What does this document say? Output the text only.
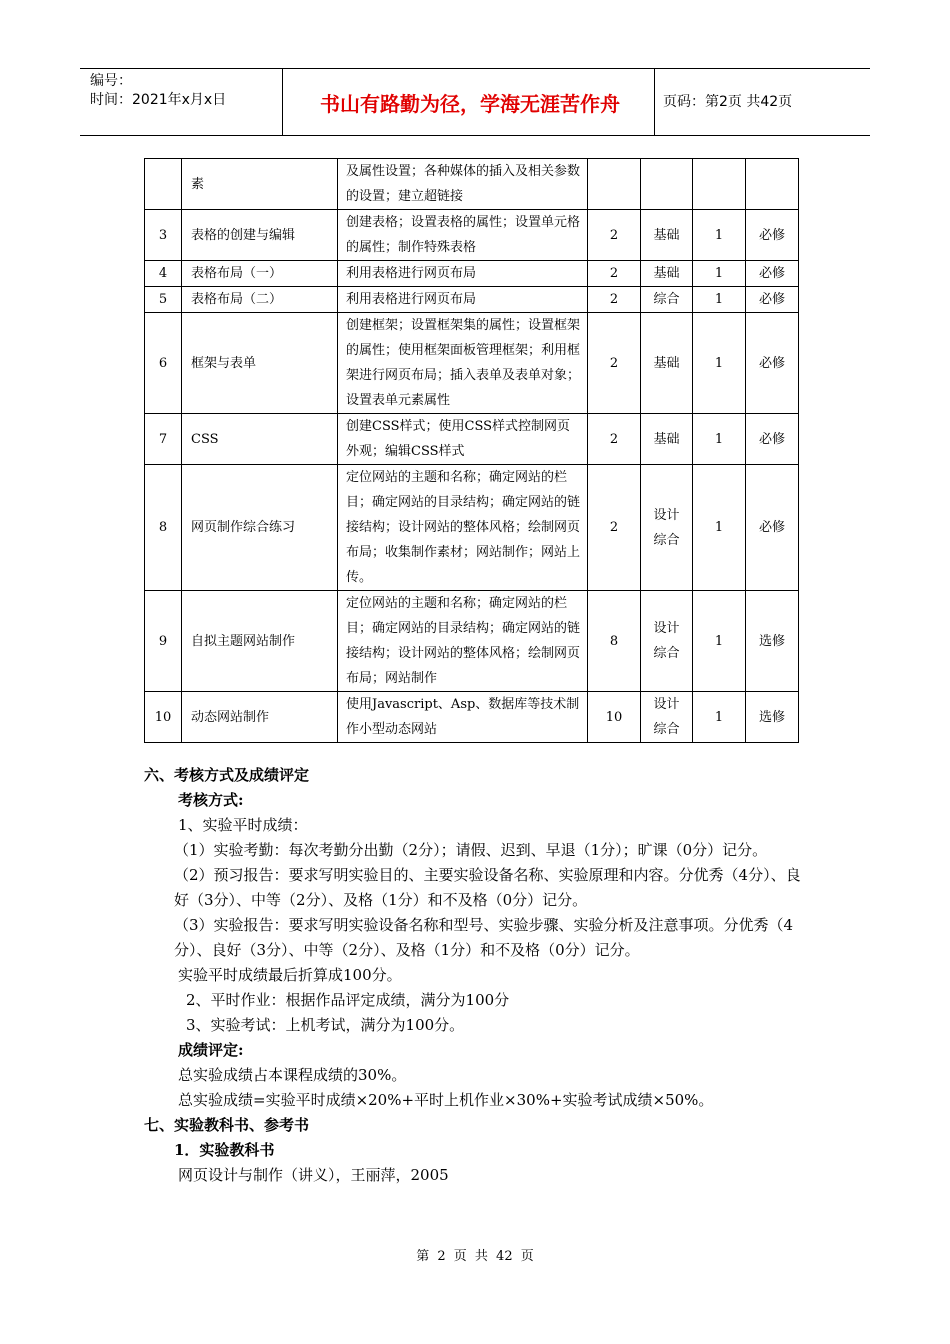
编号：
时间：2021年x月x日	书山有路勤为径，学海无涯苦作舟	页码：第2页 共42页
	素	及属性设置；各种媒体的插入及相关参数的设置；建立超链接				
3	表格的创建与编辑	创建表格；设置表格的属性；设置单元格的属性；制作特殊表格	2	基础	1	必修
4	表格布局（一）	利用表格进行网页布局	2	基础	1	必修
5	表格布局（二）	利用表格进行网页布局	2	综合	1	必修
6	框架与表单	创建框架；设置框架集的属性；设置框架的属性；使用框架面板管理框架；利用框架进行网页布局；插入表单及表单对象；设置表单元素属性	2	基础	1	必修
7	CSS	创建CSS样式；使用CSS样式控制网页外观；编辑CSS样式	2	基础	1	必修
8	网页制作综合练习	定位网站的主题和名称；确定网站的栏目；确定网站的目录结构；确定网站的链接结构；设计网站的整体风格；绘制网页布局；收集制作素材；网站制作；网站上传。	2	设计综合	1	必修
9	自拟主题网站制作	定位网站的主题和名称；确定网站的栏目；确定网站的目录结构；确定网站的链接结构；设计网站的整体风格；绘制网页布局；网站制作	8	设计综合	1	选修
10	动态网站制作	使用Javascript、Asp、数据库等技术制作小型动态网站	10	设计综合	1	选修

六、考核方式及成绩评定

考核方式:

1、实验平时成绩：

（1）实验考勤：每次考勤分出勤（2分）；请假、迟到、早退（1分）；旷课（0分）记分。

（2）预习报告：要求写明实验目的、主要实验设备名称、实验原理和内容。分优秀（4分）、良好（3分）、中等（2分）、及格（1分）和不及格（0分）记分。

（3）实验报告：要求写明实验设备名称和型号、实验步骤、实验分析及注意事项。分优秀（4分）、良好（3分）、中等（2分）、及格（1分）和不及格（0分）记分。

实验平时成绩最后折算成100分。

2、平时作业：根据作品评定成绩，满分为100分

3、实验考试：上机考试，满分为100分。

成绩评定:

总实验成绩占本课程成绩的30%。

总实验成绩=实验平时成绩×20%+平时上机作业×30%+实验考试成绩×50%。

七、实验教科书、参考书

1．实验教科书

网页设计与制作（讲义），王丽萍，2005

第 2 页 共 42 页
